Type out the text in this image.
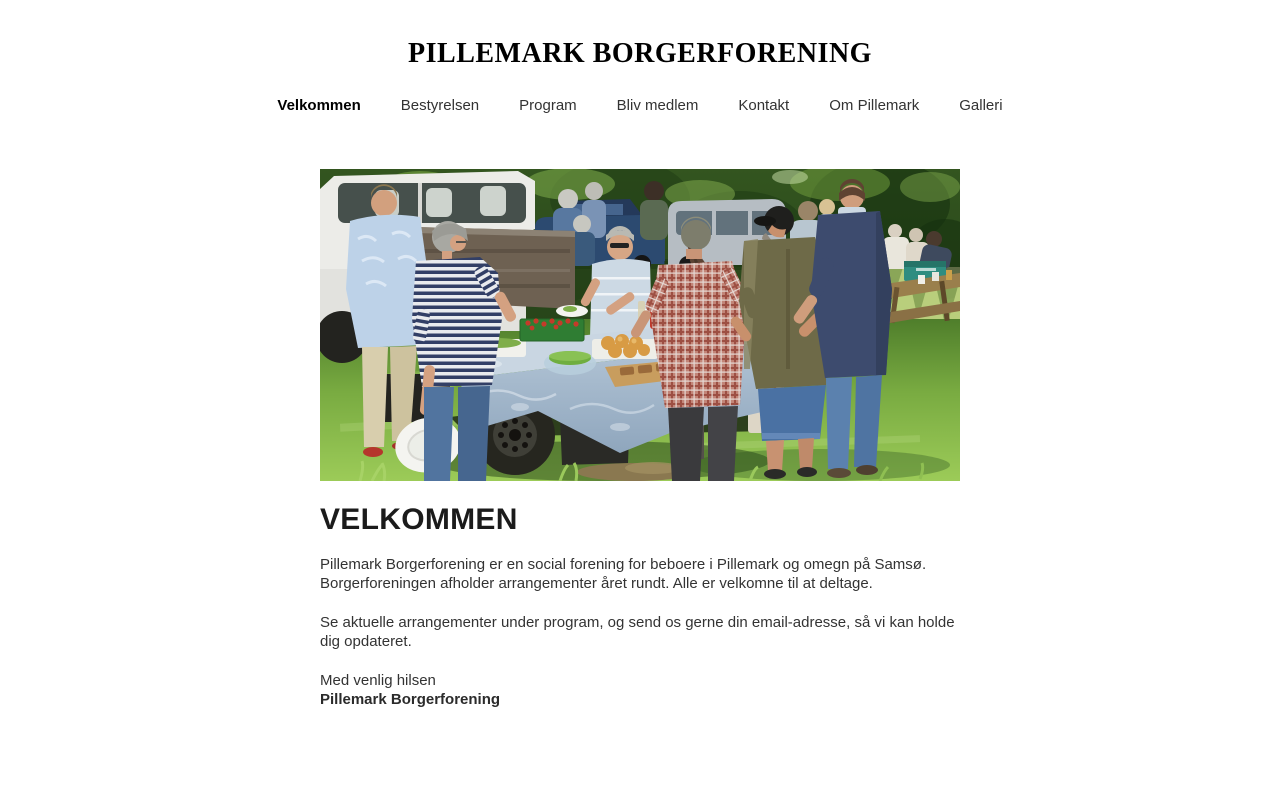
PILLEMARK BORGERFORENING
Velkommen	Bestyrelsen	Program	Bliv medlem	Kontakt	Om Pillemark	Galleri
VELKOMMEN

Pillemark Borgerforening er en social forening for beboere i Pillemark og omegn på Samsø. Borgerforeningen afholder arrangementer året rundt. Alle er velkomne til at deltage.

Se aktuelle arrangementer under program, og send os gerne din email-adresse, så vi kan holde dig opdateret.

Med venlig hilsen
Pillemark Borgerforening
